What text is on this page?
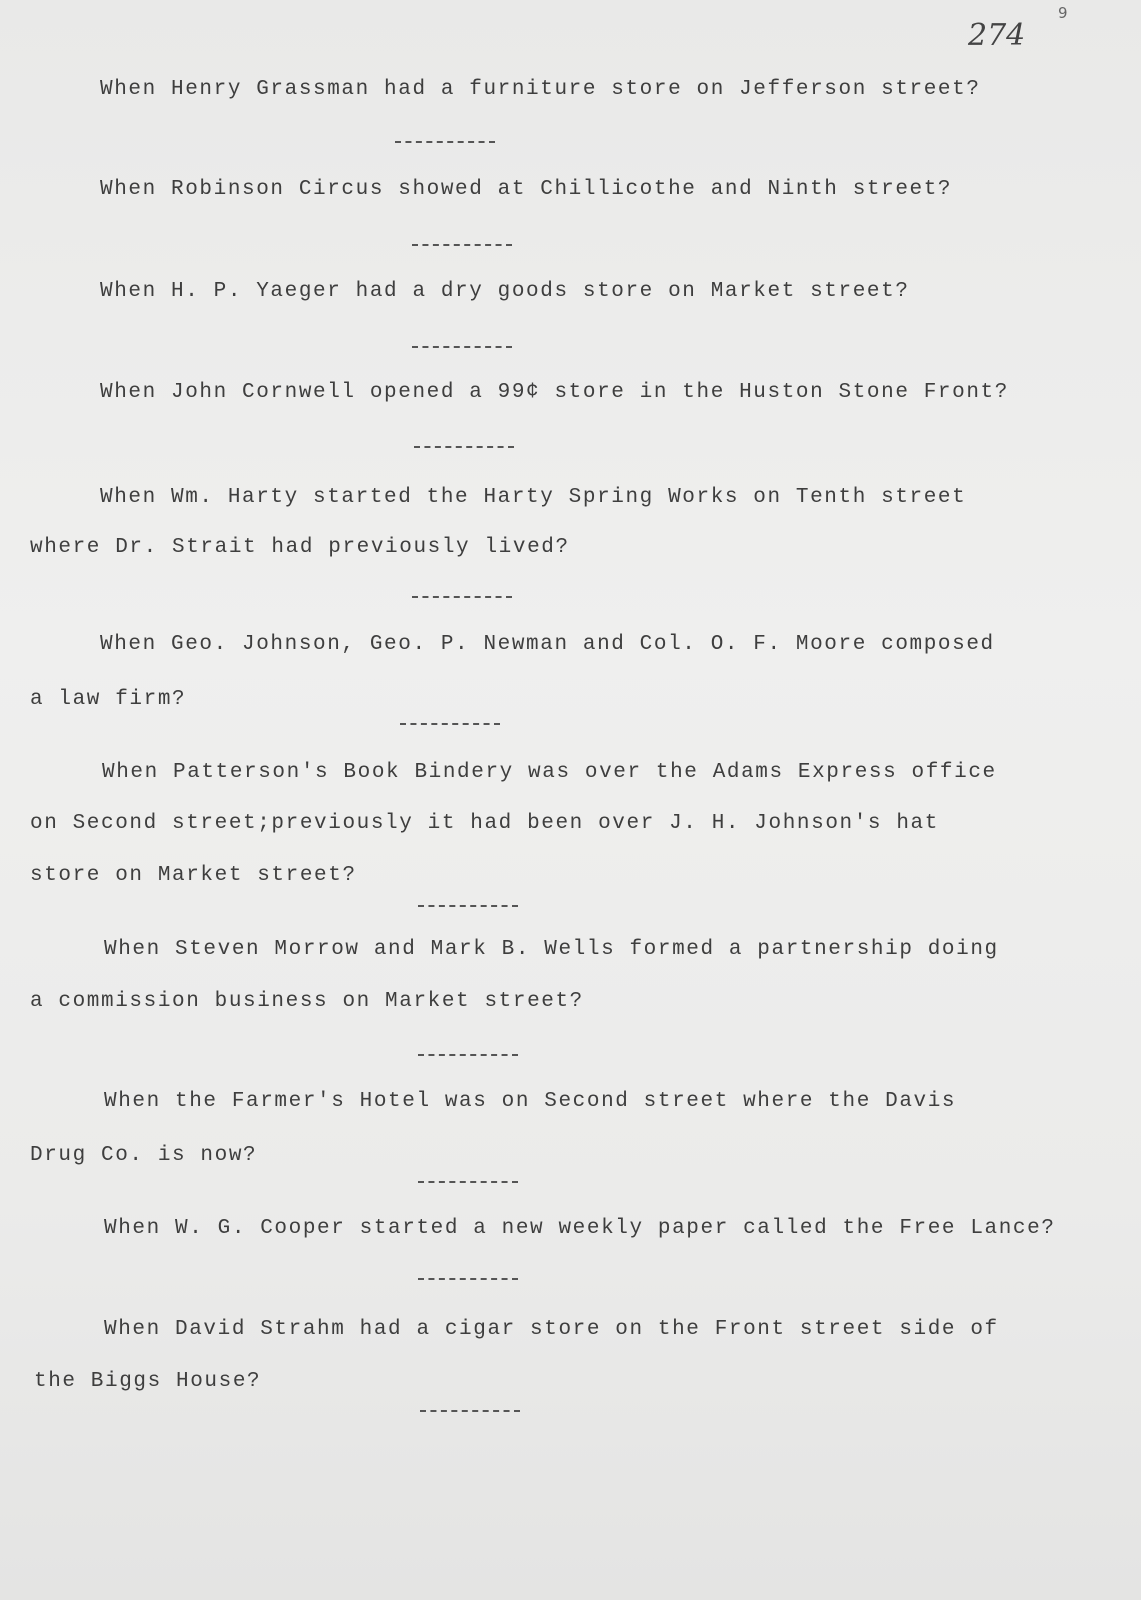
274
9
When Henry Grassman had a furniture store on Jefferson street?
When Robinson Circus showed at Chillicothe and Ninth street?
When H. P. Yaeger had a dry goods store on Market street?
When John Cornwell opened a 99¢ store in the Huston Stone Front?
When Wm. Harty started the Harty Spring Works on Tenth street
where Dr. Strait had previously lived?
When Geo. Johnson, Geo. P. Newman and Col. O. F. Moore composed
a law firm?
When Patterson's Book Bindery was over the Adams Express office
on Second street;previously it had been over J. H. Johnson's hat
store on Market street?
When Steven Morrow and Mark B. Wells formed a partnership doing
a commission business on Market street?
When the Farmer's Hotel was on Second street where the Davis
Drug Co. is now?
When W. G. Cooper started a new weekly paper called the Free Lance?
When David Strahm had a cigar store on the Front street side of
the Biggs House?
